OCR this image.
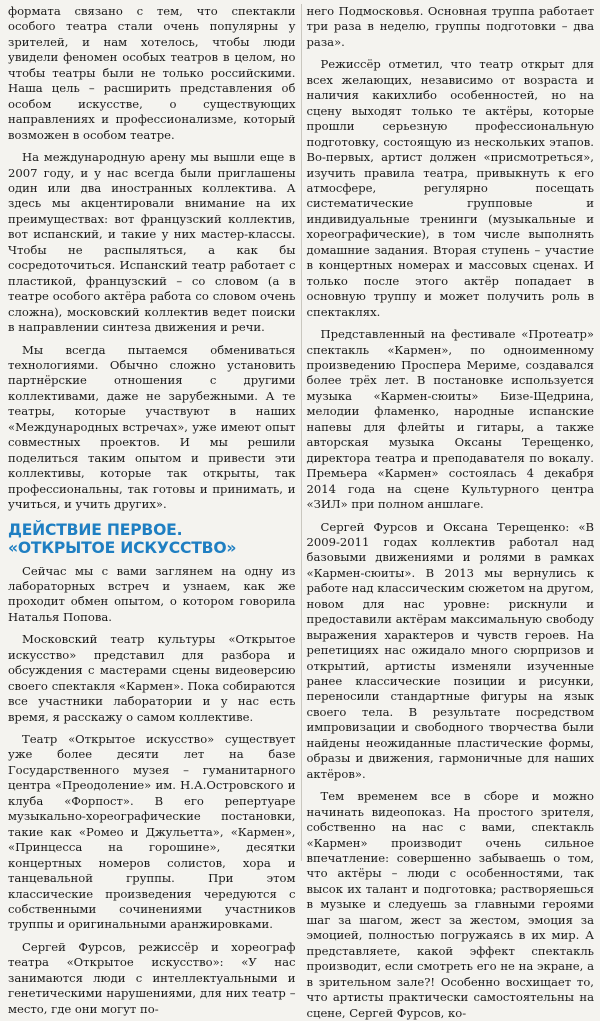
формата связано с тем, что спектакли особого театра стали очень популярны у зрителей, и нам хотелось, чтобы люди увидели феномен особых театров в целом, но чтобы театры были не только российскими. Наша цель – расширить представления об особом искусстве, о существующих направлениях и профессионализме, который возможен в особом театре.

На международную арену мы вышли еще в 2007 году, и у нас всегда были приглашены один или два иностранных коллектива. А здесь мы акцентировали внимание на их преимуществах: вот французский коллектив, вот испанский, и такие у них мастер-классы. Чтобы не распыляться, а как бы сосредоточиться. Испанский театр работает с пластикой, французский – со словом (а в театре особого актёра работа со словом очень сложна), московский коллектив ведет поиски в направлении синтеза движения и речи.

Мы всегда пытаемся обмениваться технологиями. Обычно сложно установить партнёрские отношения с другими коллективами, даже не зарубежными. А те театры, которые участвуют в наших «Международных встречах», уже имеют опыт совместных проектов. И мы решили поделиться таким опытом и привести эти коллективы, которые так открыты, так профессиональны, так готовы и принимать, и учиться, и учить других».

ДЕЙСТВИЕ ПЕРВОЕ.
«ОТКРЫТОЕ ИСКУССТВО»

Сейчас мы с вами заглянем на одну из лабораторных встреч и узнаем, как же проходит обмен опытом, о котором говорила Наталья Попова.

Московский театр культуры «Открытое искусство» представил для разбора и обсуждения с мастерами сцены видеоверсию своего спектакля «Кармен». Пока собираются все участники лаборатории и у нас есть время, я расскажу о самом коллективе.

Театр «Открытое искусство» существует уже более десяти лет на базе Государственного музея – гуманитарного центра «Преодоление» им. Н.А.Островского и клуба «Форпост». В его репертуаре музыкально-хореографические постановки, такие как «Ромео и Джульетта», «Кармен», «Принцесса на горошине», десятки концертных номеров солистов, хора и танцевальной группы. При этом классические произведения чередуются с собственными сочинениями участников труппы и оригинальными аранжировками.

Сергей Фурсов, режиссёр и хореограф театра «Открытое искусство»: «У нас занимаются люди с интеллектуальными и генетическими нарушениями, для них театр – место, где они могут по-

него Подмосковья. Основная труппа работает три раза в неделю, группы подготовки – два раза».

Режиссёр отметил, что театр открыт для всех желающих, независимо от возраста и наличия какихлибо особенностей, но на сцену выходят только те актёры, которые прошли серьезную профессиональную подготовку, состоящую из нескольких этапов. Во-первых, артист должен «присмотреться», изучить правила театра, привыкнуть к его атмосфере, регулярно посещать систематические групповые и индивидуальные тренинги (музыкальные и хореографические), в том числе выполнять домашние задания. Вторая ступень – участие в концертных номерах и массовых сценах. И только после этого актёр попадает в основную труппу и может получить роль в спектаклях.

Представленный на фестивале «Протеатр» спектакль «Кармен», по одноименному произведению Проспера Мериме, создавался более трёх лет. В постановке используется музыка «Кармен-сюиты» Бизе-Щедрина, мелодии фламенко, народные испанские напевы для флейты и гитары, а также авторская музыка Оксаны Терещенко, директора театра и преподавателя по вокалу. Премьера «Кармен» состоялась 4 декабря 2014 года на сцене Культурного центра «ЗИЛ» при полном аншлаге.

Сергей Фурсов и Оксана Терещенко: «В 2009-2011 годах коллектив работал над базовыми движениями и ролями в рамках «Кармен-сюиты». В 2013 мы вернулись к работе над классическим сюжетом на другом, новом для нас уровне: рискнули и предоставили актёрам максимальную свободу выражения характеров и чувств героев. На репетициях нас ожидало много сюрпризов и открытий, артисты изменяли изученные ранее классические позиции и рисунки, переносили стандартные фигуры на язык своего тела. В результате посредством импровизации и свободного творчества были найдены неожиданные пластические формы, образы и движения, гармоничные для наших актёров».

Тем временем все в сборе и можно начинать видеопоказ. На простого зрителя, собственно на нас с вами, спектакль «Кармен» производит очень сильное впечатление: совершенно забываешь о том, что актёры – люди с особенностями, так высок их талант и подготовка; растворяешься в музыке и следуешь за главными героями шаг за шагом, жест за жестом, эмоция за эмоцией, полностью погружаясь в их мир. А представляете, какой эффект спектакль производит, если смотреть его не на экране, а в зрительном зале?! Особенно восхищает то, что артисты практически самостоятельны на сцене, Сергей Фурсов, ко-
